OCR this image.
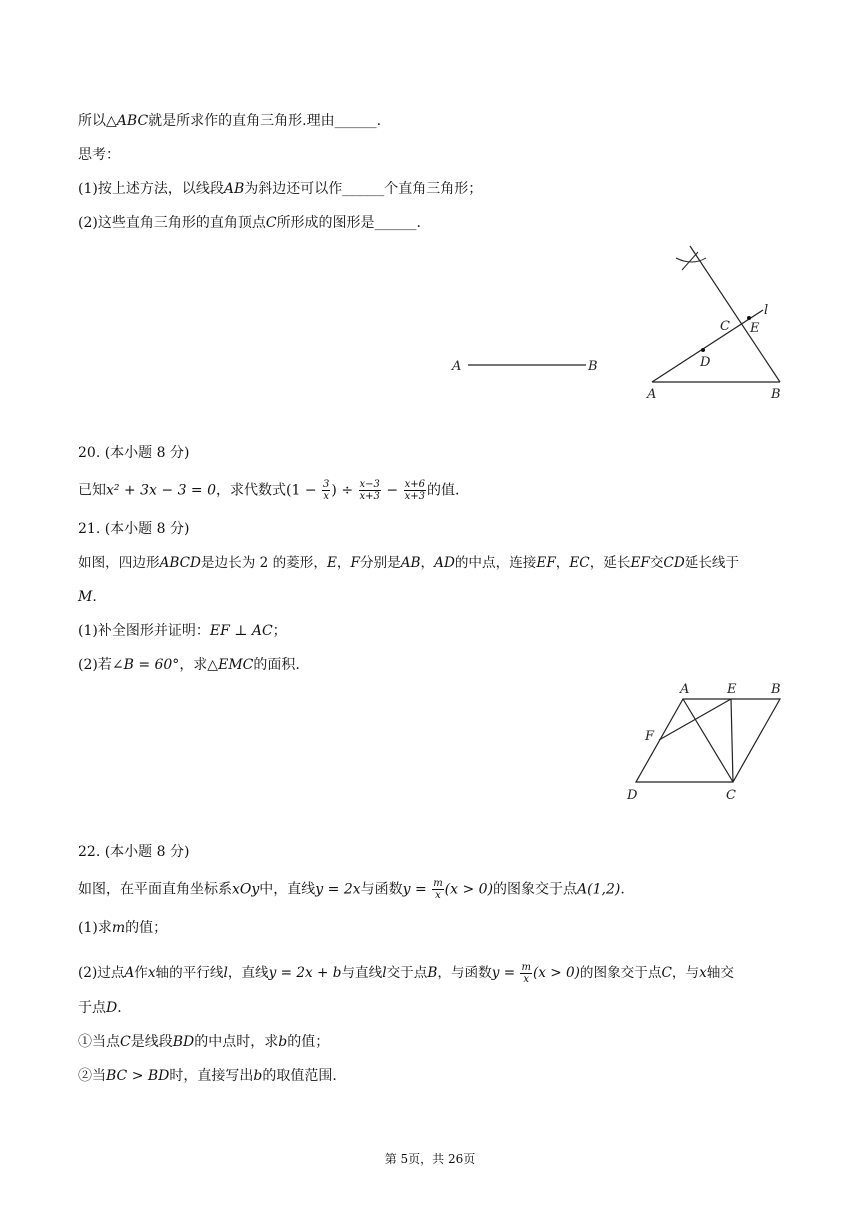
所以△ABC就是所求作的直角三角形.理由______.
思考：
(1)按上述方法，以线段AB为斜边还可以作______个直角三角形；
(2)这些直角三角形的直角顶点C所形成的图形是______.
A	B
A	B
C E
D
l
20. (本小题 8 分)
已知x² + 3x − 3 = 0，求代数式($1 - \frac{3}{x}$ ) ÷ $\frac{x-3}{x+3} - \frac{x+6}{x+3}$ 的值.
21. (本小题 8 分)
如图，四边形ABCD是边长为 2 的菱形，E，F分别是AB，AD的中点，连接EF，EC，延长EF交CD延长线于
M.
(1)补全图形并证明：EF ⊥ AC；
(2)若∠B = 60°，求△EMC的面积.
A	E	B
F
D	C
22. (本小题 8 分)
如图，在平面直角坐标系xOy中，直线y = 2x与函数$y = \frac{m}{x} (x > 0)$的图象交于点A(1,2).
(1)求m的值；
(2)过点A作x轴的平行线l，直线y = 2x + b与直线l交于点B，与函数$y = \frac{m}{x} (x > 0)$的图象交于点C，与x轴交
于点D.
①当点C是线段BD的中点时，求b的值；
②当BC > BD时，直接写出b的取值范围.
第 5页，共 26页
